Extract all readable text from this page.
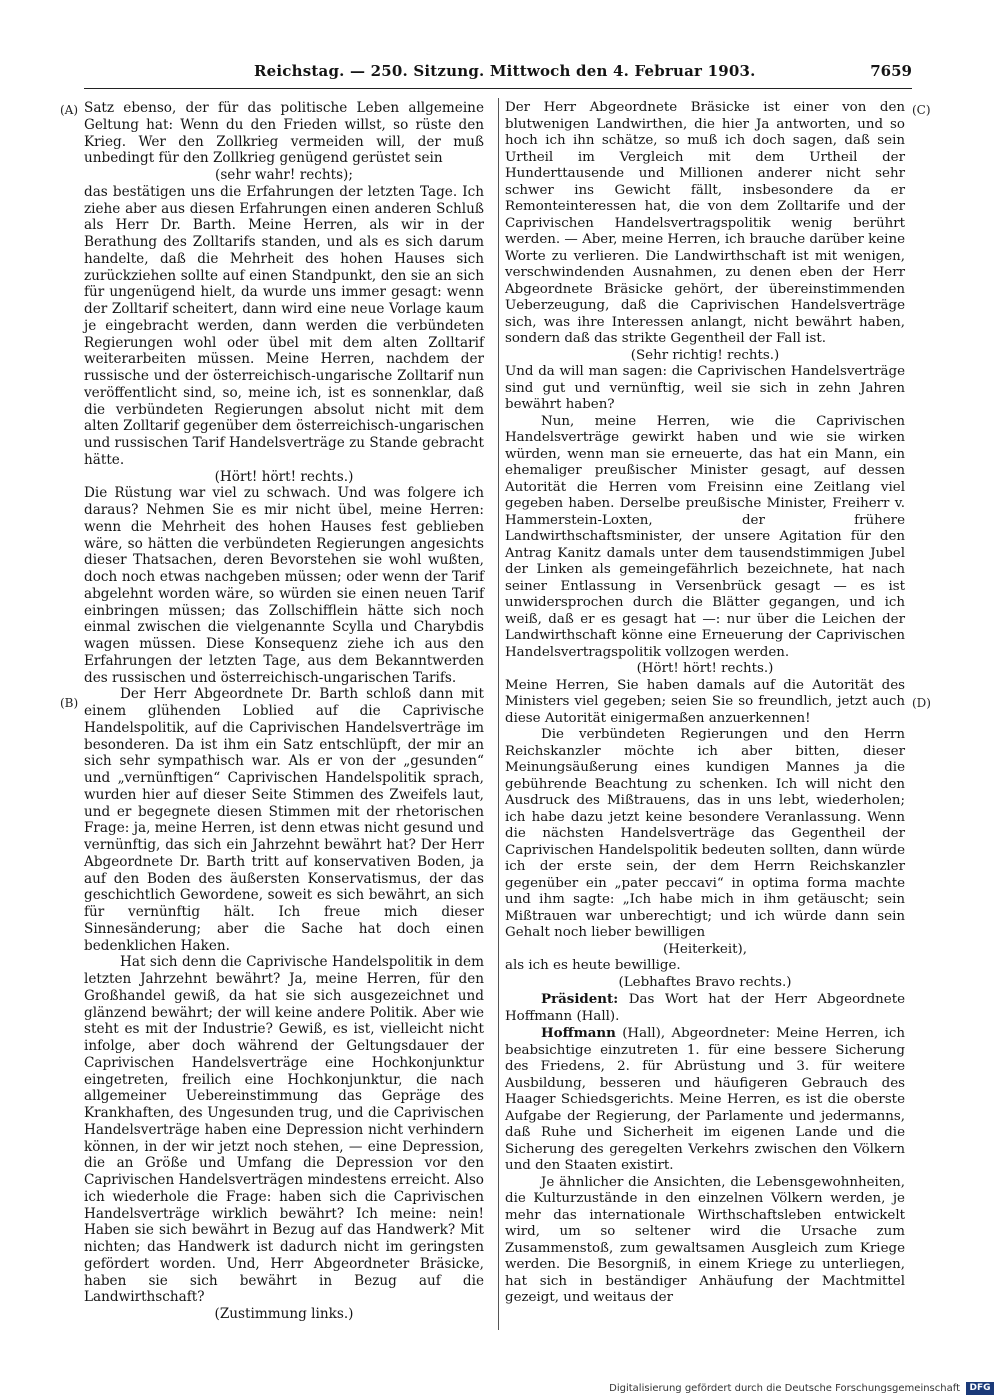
Reichstag. — 250. Sitzung. Mittwoch den 4. Februar 1903.	7659
(A)
(B)
(C)
(D)

Satz ebenso, der für das politische Leben allgemeine Geltung hat: Wenn du den Frieden willst, so rüste den Krieg. Wer den Zollkrieg vermeiden will, der muß unbedingt für den Zollkrieg genügend gerüstet sein

(sehr wahr! rechts);

das bestätigen uns die Erfahrungen der letzten Tage. Ich ziehe aber aus diesen Erfahrungen einen anderen Schluß als Herr Dr. Barth. Meine Herren, als wir in der Berathung des Zolltarifs standen, und als es sich darum handelte, daß die Mehrheit des hohen Hauses sich zurückziehen sollte auf einen Standpunkt, den sie an sich für ungenügend hielt, da wurde uns immer gesagt: wenn der Zolltarif scheitert, dann wird eine neue Vorlage kaum je eingebracht werden, dann werden die verbündeten Regierungen wohl oder übel mit dem alten Zolltarif weiterarbeiten müssen. Meine Herren, nachdem der russische und der österreichisch-ungarische Zolltarif nun veröffentlicht sind, so, meine ich, ist es sonnenklar, daß die verbündeten Regierungen absolut nicht mit dem alten Zolltarif gegenüber dem österreichisch-ungarischen und russischen Tarif Handelsverträge zu Stande gebracht hätte.

(Hört! hört! rechts.)

Die Rüstung war viel zu schwach. Und was folgere ich daraus? Nehmen Sie es mir nicht übel, meine Herren: wenn die Mehrheit des hohen Hauses fest geblieben wäre, so hätten die verbündeten Regierungen angesichts dieser Thatsachen, deren Bevorstehen sie wohl wußten, doch noch etwas nachgeben müssen; oder wenn der Tarif abgelehnt worden wäre, so würden sie einen neuen Tarif einbringen müssen; das Zollschifflein hätte sich noch einmal zwischen die vielgenannte Scylla und Charybdis wagen müssen. Diese Konsequenz ziehe ich aus den Erfahrungen der letzten Tage, aus dem Bekanntwerden des russischen und österreichisch-ungarischen Tarifs.

Der Herr Abgeordnete Dr. Barth schloß dann mit einem glühenden Loblied auf die Caprivische Handelspolitik, auf die Caprivischen Handelsverträge im besonderen. Da ist ihm ein Satz entschlüpft, der mir an sich sehr sympathisch war. Als er von der „gesunden“ und „vernünftigen“ Caprivischen Handelspolitik sprach, wurden hier auf dieser Seite Stimmen des Zweifels laut, und er begegnete diesen Stimmen mit der rhetorischen Frage: ja, meine Herren, ist denn etwas nicht gesund und vernünftig, das sich ein Jahrzehnt bewährt hat? Der Herr Abgeordnete Dr. Barth tritt auf konservativen Boden, ja auf den Boden des äußersten Konservatismus, der das geschichtlich Gewordene, soweit es sich bewährt, an sich für vernünftig hält. Ich freue mich dieser Sinnesänderung; aber die Sache hat doch einen bedenklichen Haken.

Hat sich denn die Caprivische Handelspolitik in dem letzten Jahrzehnt bewährt? Ja, meine Herren, für den Großhandel gewiß, da hat sie sich ausgezeichnet und glänzend bewährt; der will keine andere Politik. Aber wie steht es mit der Industrie? Gewiß, es ist, vielleicht nicht infolge, aber doch während der Geltungsdauer der Caprivischen Handelsverträge eine Hochkonjunktur eingetreten, freilich eine Hochkonjunktur, die nach allgemeiner Uebereinstimmung das Gepräge des Krankhaften, des Ungesunden trug, und die Caprivischen Handelsverträge haben eine Depression nicht verhindern können, in der wir jetzt noch stehen, — eine Depression, die an Größe und Umfang die Depression vor den Caprivischen Handelsverträgen mindestens erreicht. Also ich wiederhole die Frage: haben sich die Caprivischen Handelsverträge wirklich bewährt? Ich meine: nein! Haben sie sich bewährt in Bezug auf das Handwerk? Mit nichten; das Handwerk ist dadurch nicht im geringsten gefördert worden. Und, Herr Abgeordneter Bräsicke, haben sie sich bewährt in Bezug auf die Landwirthschaft?

(Zustimmung links.)

Der Herr Abgeordnete Bräsicke ist einer von den blutwenigen Landwirthen, die hier Ja antworten, und so hoch ich ihn schätze, so muß ich doch sagen, daß sein Urtheil im Vergleich mit dem Urtheil der Hunderttausende und Millionen anderer nicht sehr schwer ins Gewicht fällt, insbesondere da er Remonteinteressen hat, die von dem Zolltarife und der Caprivischen Handelsvertragspolitik wenig berührt werden. — Aber, meine Herren, ich brauche darüber keine Worte zu verlieren. Die Landwirthschaft ist mit wenigen, verschwindenden Ausnahmen, zu denen eben der Herr Abgeordnete Bräsicke gehört, der übereinstimmenden Ueberzeugung, daß die Caprivischen Handelsverträge sich, was ihre Interessen anlangt, nicht bewährt haben, sondern daß das strikte Gegentheil der Fall ist.

(Sehr richtig! rechts.)

Und da will man sagen: die Caprivischen Handelsverträge sind gut und vernünftig, weil sie sich in zehn Jahren bewährt haben?

Nun, meine Herren, wie die Caprivischen Handelsverträge gewirkt haben und wie sie wirken würden, wenn man sie erneuerte, das hat ein Mann, ein ehemaliger preußischer Minister gesagt, auf dessen Autorität die Herren vom Freisinn eine Zeitlang viel gegeben haben. Derselbe preußische Minister, Freiherr v. Hammerstein-Loxten, der frühere Landwirthschaftsminister, der unsere Agitation für den Antrag Kanitz damals unter dem tausendstimmigen Jubel der Linken als gemeingefährlich bezeichnete, hat nach seiner Entlassung in Versenbrück gesagt — es ist unwidersprochen durch die Blätter gegangen, und ich weiß, daß er es gesagt hat —: nur über die Leichen der Landwirthschaft könne eine Erneuerung der Caprivischen Handelsvertragspolitik vollzogen werden.

(Hört! hört! rechts.)

Meine Herren, Sie haben damals auf die Autorität des Ministers viel gegeben; seien Sie so freundlich, jetzt auch diese Autorität einigermaßen anzuerkennen!

Die verbündeten Regierungen und den Herrn Reichskanzler möchte ich aber bitten, dieser Meinungsäußerung eines kundigen Mannes ja die gebührende Beachtung zu schenken. Ich will nicht den Ausdruck des Mißtrauens, das in uns lebt, wiederholen; ich habe dazu jetzt keine besondere Veranlassung. Wenn die nächsten Handelsverträge das Gegentheil der Caprivischen Handelspolitik bedeuten sollten, dann würde ich der erste sein, der dem Herrn Reichskanzler gegenüber ein „pater peccavi“ in optima forma machte und ihm sagte: „Ich habe mich in ihm getäuscht; sein Mißtrauen war unberechtigt; und ich würde dann sein Gehalt noch lieber bewilligen

(Heiterkeit),

als ich es heute bewillige.

(Lebhaftes Bravo rechts.)

Präsident: Das Wort hat der Herr Abgeordnete Hoffmann (Hall).

Hoffmann (Hall), Abgeordneter: Meine Herren, ich beabsichtige einzutreten 1. für eine bessere Sicherung des Friedens, 2. für Abrüstung und 3. für weitere Ausbildung, besseren und häufigeren Gebrauch des Haager Schiedsgerichts. Meine Herren, es ist die oberste Aufgabe der Regierung, der Parlamente und jedermanns, daß Ruhe und Sicherheit im eigenen Lande und die Sicherung des geregelten Verkehrs zwischen den Völkern und den Staaten existirt.

Je ähnlicher die Ansichten, die Lebensgewohnheiten, die Kulturzustände in den einzelnen Völkern werden, je mehr das internationale Wirthschaftsleben entwickelt wird, um so seltener wird die Ursache zum Zusammenstoß, zum gewaltsamen Ausgleich zum Kriege werden. Die Besorgniß, in einem Kriege zu unterliegen, hat sich in beständiger Anhäufung der Machtmittel gezeigt, und weitaus der

Digitalisierung gefördert durch die Deutsche Forschungsgemeinschaft	DFG
